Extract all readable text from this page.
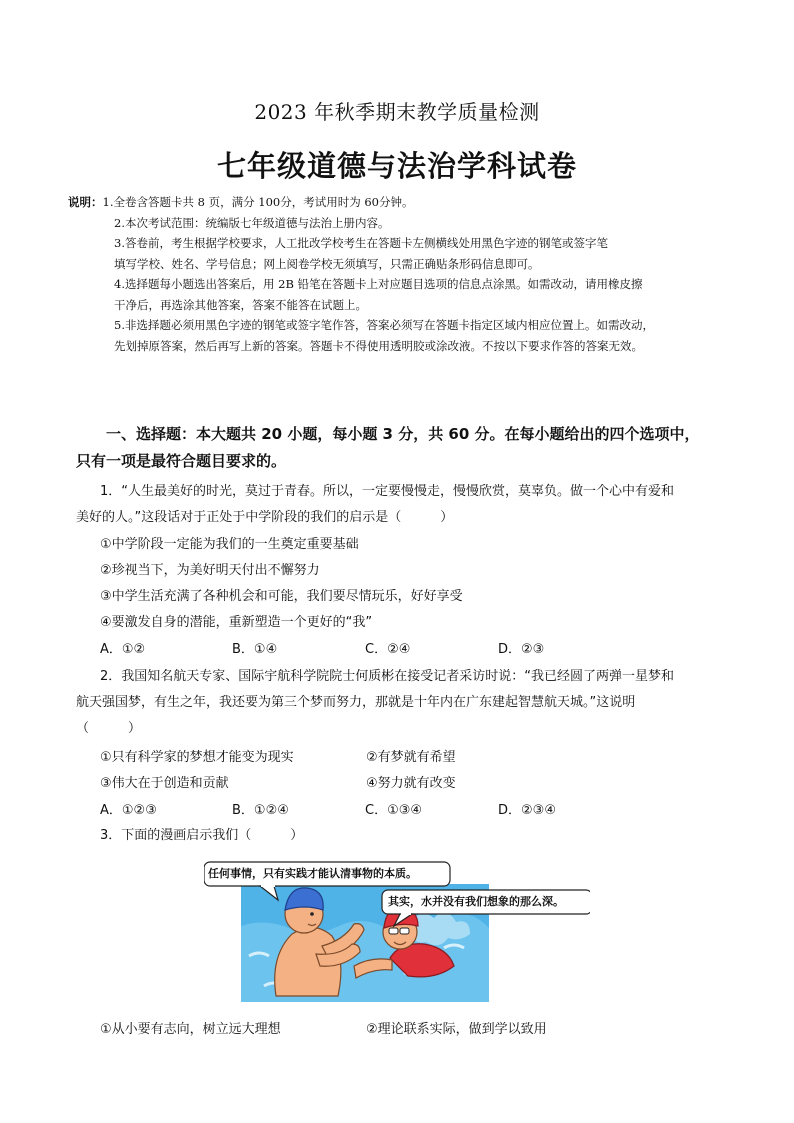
2023 年秋季期末教学质量检测
七年级道德与法治学科试卷
说明：1.全卷含答题卡共 8 页，满分 100分，考试用时为 60分钟。
2.本次考试范围：统编版七年级道德与法治上册内容。
3.答卷前，考生根据学校要求，人工批改学校考生在答题卡左侧横线处用黑色字迹的钢笔或签字笔
填写学校、姓名、学号信息；网上阅卷学校无须填写，只需正确贴条形码信息即可。
4.选择题每小题选出答案后，用 2B 铅笔在答题卡上对应题目选项的信息点涂黑。如需改动，请用橡皮擦
干净后，再选涂其他答案，答案不能答在试题上。
5.非选择题必须用黑色字迹的钢笔或签字笔作答，答案必须写在答题卡指定区域内相应位置上。如需改动，
先划掉原答案，然后再写上新的答案。答题卡不得使用透明胶或涂改液。不按以下要求作答的答案无效。
一、选择题：本大题共 20 小题，每小题 3 分，共 60 分。在每小题给出的四个选项中，
只有一项是最符合题目要求的。
1．“人生最美好的时光，莫过于青春。所以，一定要慢慢走，慢慢欣赏，莫辜负。做一个心中有爱和
美好的人。”这段话对于正处于中学阶段的我们的启示是（　　　）
①中学阶段一定能为我们的一生奠定重要基础
②珍视当下，为美好明天付出不懈努力
③中学生活充满了各种机会和可能，我们要尽情玩乐，好好享受
④要激发自身的潜能，重新塑造一个更好的“我”
A．①②	B．①④	C．②④	D．②③
2．我国知名航天专家、国际宇航科学院院士何质彬在接受记者采访时说：“我已经圆了两弹一星梦和
航天强国梦，有生之年，我还要为第三个梦而努力，那就是十年内在广东建起智慧航天城。”这说明
（　　　）
①只有科学家的梦想才能变为现实	②有梦就有希望
③伟大在于创造和贡献	④努力就有改变
A．①②③	B．①②④	C．①③④	D．②③④
3．下面的漫画启示我们（　　　）
任何事情，只有实践才能认清事物的本质。
其实，水并没有我们想象的那么深。
①从小要有志向，树立远大理想	②理论联系实际，做到学以致用
